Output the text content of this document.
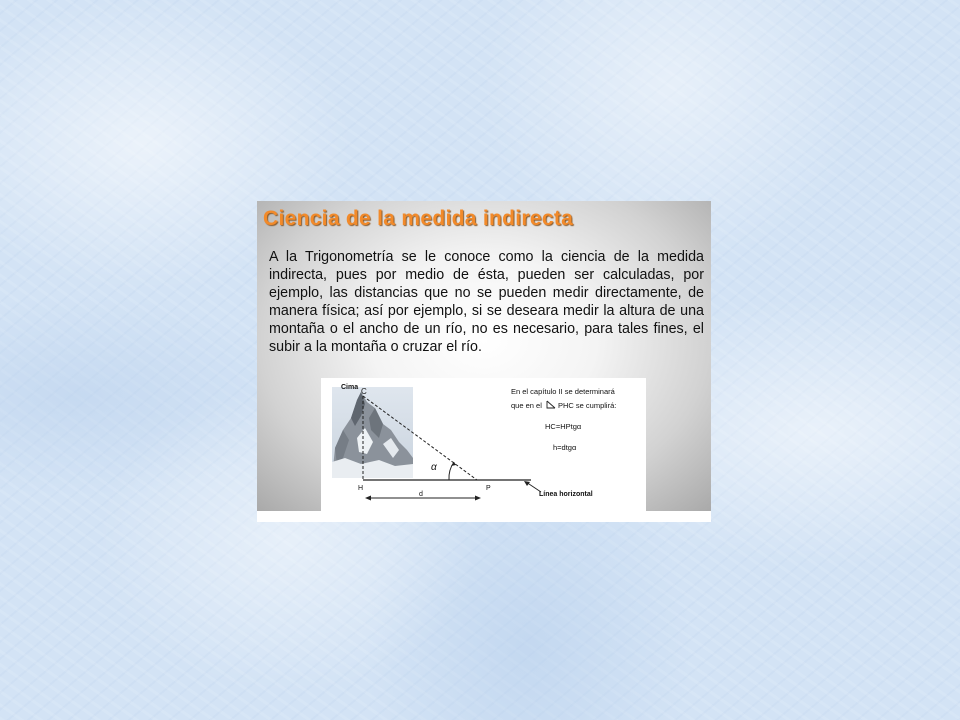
Ciencia de la medida indirecta

A la Trigonometría se le conoce como la ciencia de la medida indirecta, pues por medio de ésta, pueden ser calculadas, por ejemplo, las distancias que no se pueden medir directamente, de manera física; así por ejemplo, si se deseara medir la altura de una montaña o el ancho de un río, no es necesario, para tales fines, el subir a la montaña o cruzar el río.

Cima C
α
H	P
d	Línea horizontal
En el capítulo II se determinará
que en el PHC se cumplirá:
HC=HPtgα
h=dtgα
